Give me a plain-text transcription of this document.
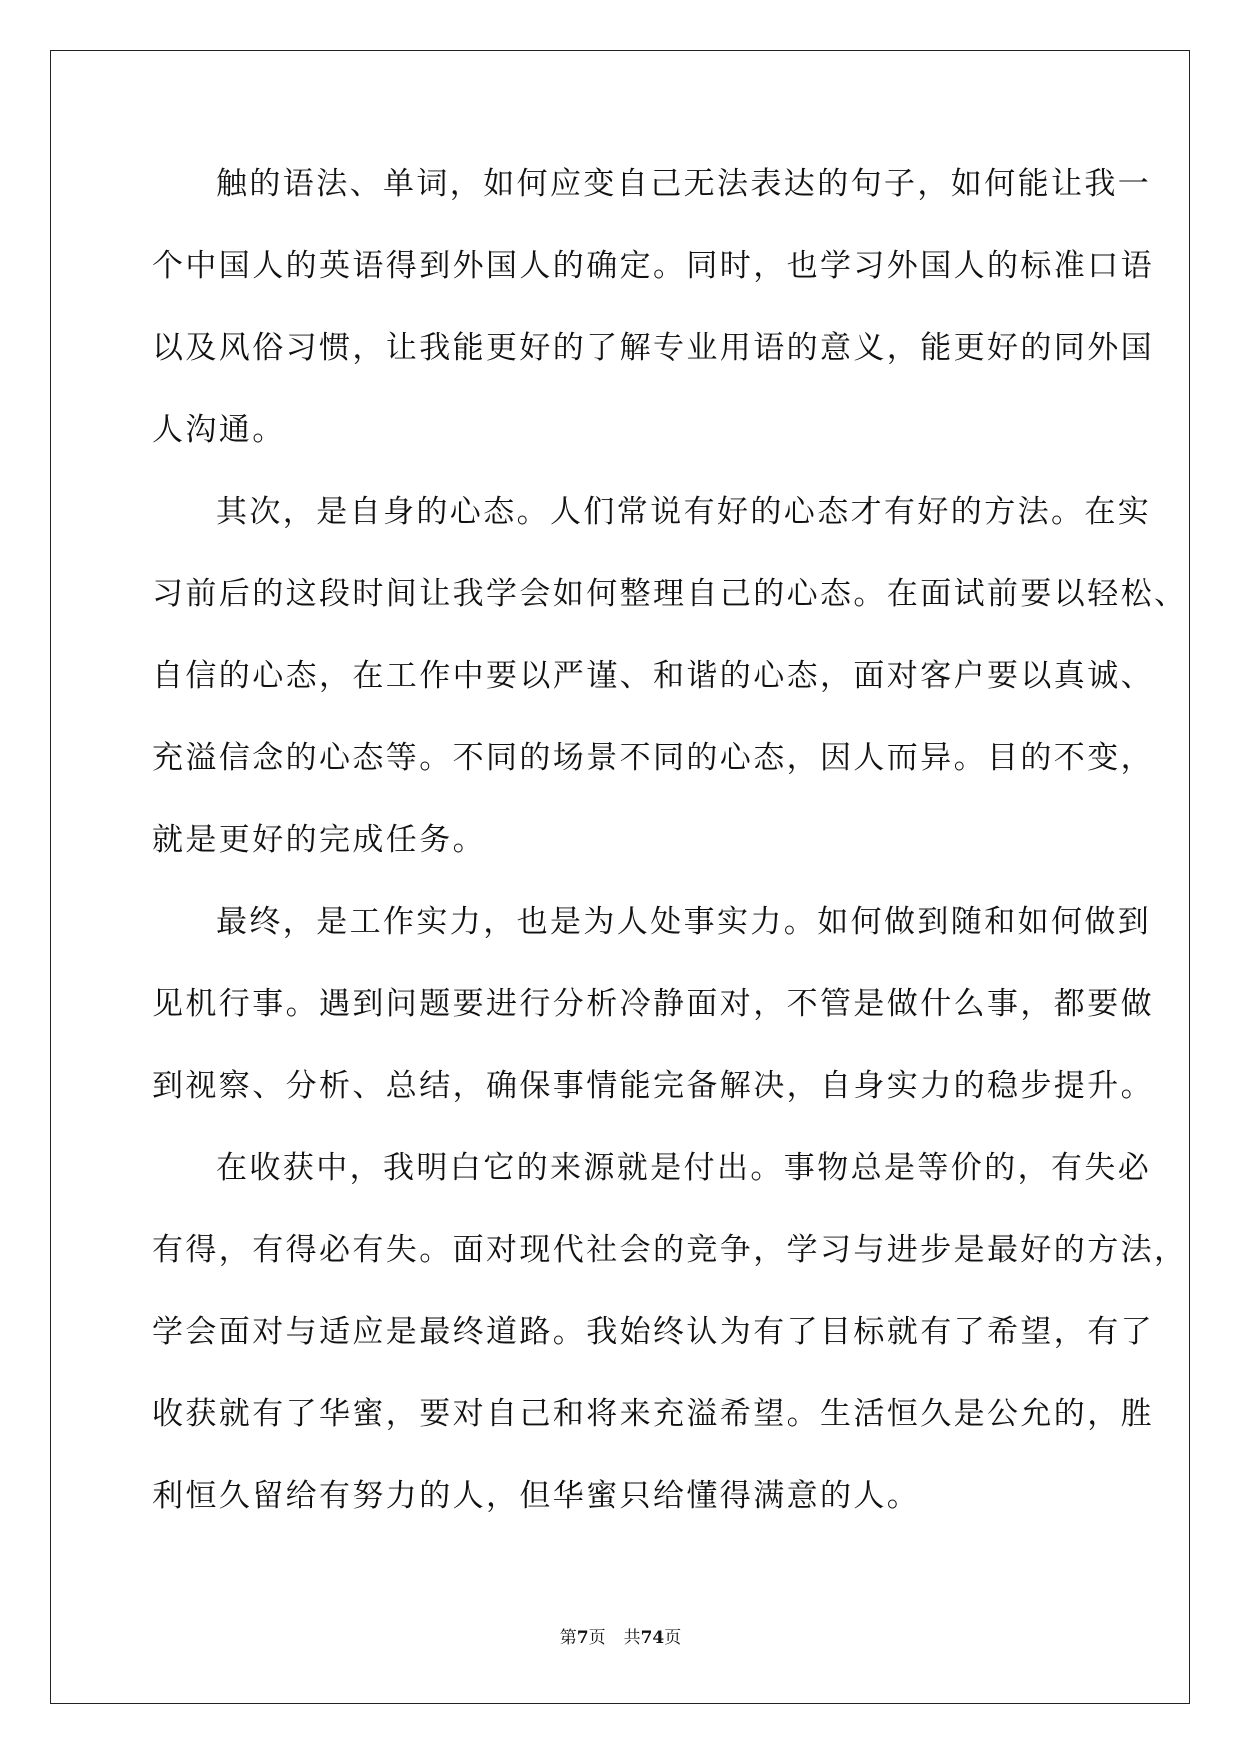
触的语法、单词，如何应变自己无法表达的句子，如何能让我一
个中国人的英语得到外国人的确定。同时，也学习外国人的标准口语
以及风俗习惯，让我能更好的了解专业用语的意义，能更好的同外国
人沟通。
其次，是自身的心态。人们常说有好的心态才有好的方法。在实
习前后的这段时间让我学会如何整理自己的心态。在面试前要以轻松、
自信的心态，在工作中要以严谨、和谐的心态，面对客户要以真诚、
充溢信念的心态等。不同的场景不同的心态，因人而异。目的不变，
就是更好的完成任务。
最终，是工作实力，也是为人处事实力。如何做到随和如何做到
见机行事。遇到问题要进行分析冷静面对，不管是做什么事，都要做
到视察、分析、总结，确保事情能完备解决，自身实力的稳步提升。
在收获中，我明白它的来源就是付出。事物总是等价的，有失必
有得，有得必有失。面对现代社会的竞争，学习与进步是最好的方法，
学会面对与适应是最终道路。我始终认为有了目标就有了希望，有了
收获就有了华蜜，要对自己和将来充溢希望。生活恒久是公允的，胜
利恒久留给有努力的人，但华蜜只给懂得满意的人。
第7页 共74页
